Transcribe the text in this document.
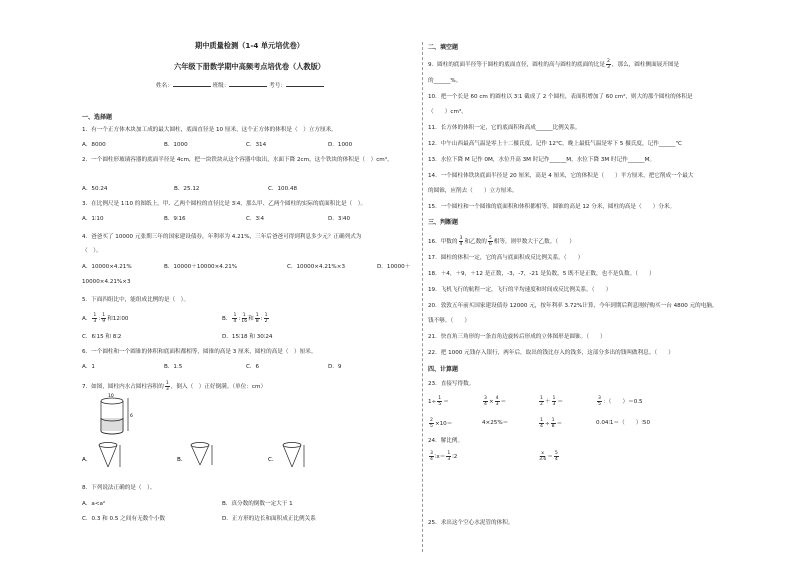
期中质量检测（1-4 单元培优卷）
六年级下册数学期中高频考点培优卷（人教版）
姓名：	班级：	考号：
一、选择题
1．有一个正方体木块加工成的最大圆柱，底面直径是 10 厘米，这个正方体的体积是（　）立方厘米。
A．8000	B．1000	C．314	D．1000
2．一个圆柱形玻璃容器的底面半径是 4cm，把一块铁块从这个容器中取出，水面下降 2cm，这个铁块的体积是（　）cm³。
A．50.24	B．25.12	C．100.48
3．在比例尺是 1∶10 的图纸上，甲、乙两个圆柱的直径比是 3∶4，那么甲、乙两个圆柱的实际的底面积比是（　）。
A．1∶10	B．9∶16	C．3∶4	D．3∶40
4．爸爸买了 10000 元张期三年的国家建设债券，年利率为 4.21%，三年后爸爸可得到利息多少元？正确列式为
（　）。
A．10000×4.21%	B．10000＋10000×4.21%	C．10000×4.21%×3	D．10000＋
10000×4.21%×3
5．下面四组比中，能组成比例的是（　）。
A． $\frac{1}{3}$ : $\frac{1}{9}$ 和12∶00	B． $\frac{1}{4}$ : $\frac{1}{16}$ 和 $\frac{1}{8}$ : $\frac{1}{2}$
C．6∶15 和 8∶2	D．15∶18 和 30∶24
6．一个圆柱和一个圆锥的体积和底面积都相等，圆锥的高是 3 厘米，圆柱的高是（　）厘米。
A．1	B．1.5	C．6	D．9
7．如图，圆柱内水占圆柱容积的 $\frac{1}{3}$ ，倒入（　）正好倒满。（单位：cm）
10
6
A．	B．	C．
8．下列说法正确的是（　）。
A．a<a²	B．真分数的倒数一定大于 1
C．0.3 和 0.5 之间有无数个小数	D．正方形的边长和面积成正比例关系
二、填空题
9．圆柱的底面半径等于圆柱的底面直径，圆柱的高与圆柱的底面的比是 $\frac{2}{3}$ ，那么，圆柱侧面展开图是
的______%。
10．把一个长是 60 cm 的圆柱以 3∶1 截成了 2 个圆柱，表面积增加了 60 cm²，则大的那个圆柱的体积是
（　　）cm³。
11．长方体的体积一定，它的底面积和高成______比例关系。
12．中午山西最高气温是零上十二摄氏度，记作 12℃，晚上最低气温是零下 5 摄氏度，记作______℃
13．水位下降 M 记作 0M，水位升高 3M 时记作______M，水位下降 3M 时记作______M。
14．一个圆柱体铁块底面半径是 20 厘米，高是 4 厘米，它的体积是（　　）平方厘米，把它削成一个最大
的圆锥，应削去（　　）立方厘米。
15．一个圆柱和一个圆锥的底面积和体积都相等，圆锥的高是 12 分米，圆柱的高是（　　）分米。
三、判断题
16．甲数的 $\frac{3}{4}$ 和乙数的 $\frac{5}{6}$ 相等，则甲数大于乙数。（　　）
17．圆柱的体积一定，它的高与底面积成反比例关系。（　　）
18．＋4，＋9，＋12 是正数，-3，-7，-21 是负数，5 既不是正数，也不是负数。（　　）
19．飞机飞行的航程一定，飞行的平均速度和时间成反比例关系。（　　）
20．敦敦五年前买国家建设债券 12000 元，按年利率 3.72%计算，今年到期后利息刚好购买一台 4800 元的电脑，
钱不够。（　　）
21．快直角三角形的一条直角边旋转后形成的立体图形是圆锥。（　　）
22．把 1000 元钱存入银行，两年后，取出的钱比存入的钱多，这部分多出的钱叫做利息。（　　）
四、计算题
23．直接写得数。
$1\div \frac{1}{5}$ ＝	$\frac{3}{4} \times \frac{4}{3}$ ＝	$\frac{1}{2} + \frac{1}{3}$ ＝	$\frac{3}{5}$ ：（　　）＝0.5
$\frac{2}{5} \times 10=$	4×25%＝	$\frac{1}{4} \div \frac{1}{8}$ ＝	0.04∶1＝（　　）∶50
24．解比例。
$\frac{3}{4}$ ∶x＝ $\frac{1}{3}$ ∶2	$\frac{x}{3.6} = \frac{5}{4}$
25．求出这个空心水泥管的体积。
